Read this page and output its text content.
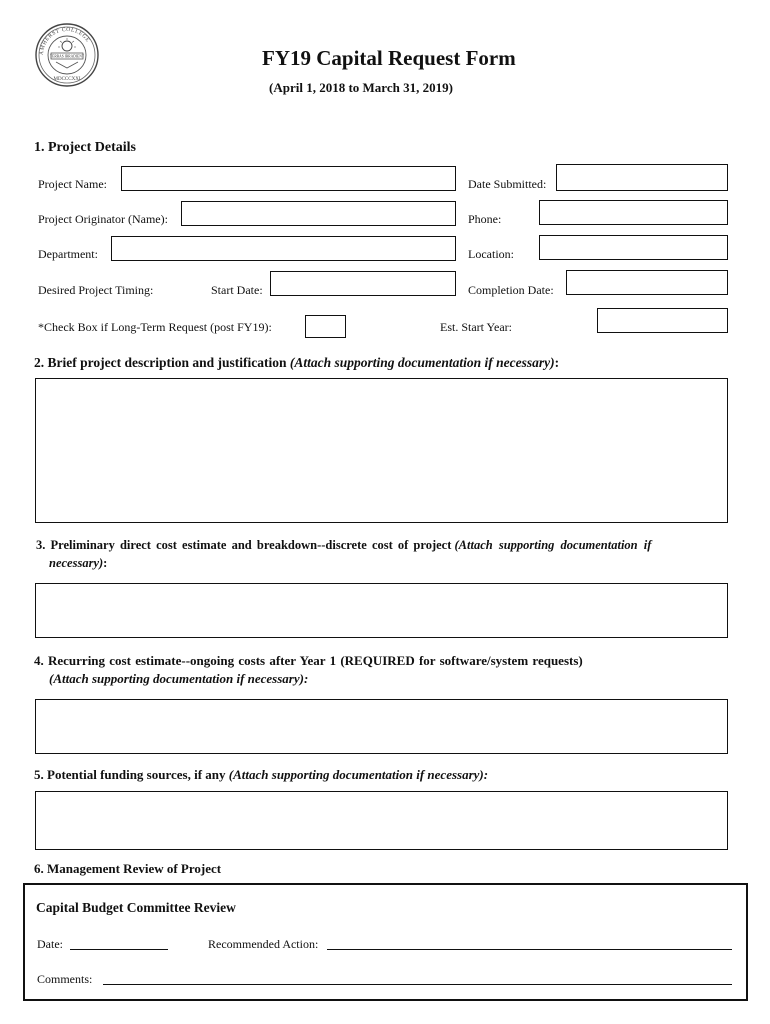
AMHERST COLLEGE
TERRAS IRRADIENT
MDCCCXXI
FY19 Capital Request Form
(April 1, 2018 to March 31, 2019)
1. Project Details
Project Name:	Date Submitted:
Project Originator (Name):	Phone:
Department:	Location:
Desired Project Timing:	Start Date:	Completion Date:
*Check Box if Long-Term Request (post FY19):	Est. Start Year:
2. Brief project description and justification (Attach supporting documentation if necessary):
3. Preliminary direct cost estimate and breakdown--discrete cost of project (Attach supporting documentation if
necessary):
4. Recurring cost estimate--ongoing costs after Year 1 (REQUIRED for software/system requests)
(Attach supporting documentation if necessary):
5. Potential funding sources, if any (Attach supporting documentation if necessary):
6. Management Review of Project
Capital Budget Committee Review
Date:	Recommended Action:
Comments:
